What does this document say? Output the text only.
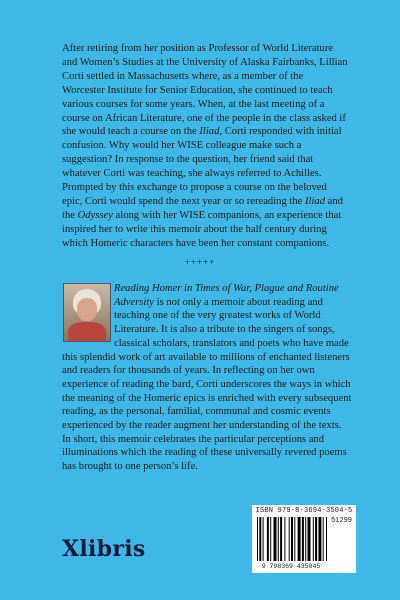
After retiring from her position as Professor of World Literature and Women’s Studies at the University of Alaska Fairbanks, Lillian Corti settled in Massachusetts where, as a member of the Worcester Institute for Senior Education, she continued to teach various courses for some years. When, at the last meeting of a course on African Literature, one of the people in the class asked if she would teach a course on the Iliad, Corti responded with initial confusion. Why would her WISE colleague make such a suggestion? In response to the question, her friend said that whatever Corti was teaching, she always referred to Achilles. Prompted by this exchange to propose a course on the beloved epic, Corti would spend the next year or so rereading the Iliad and the Odyssey along with her WISE companions, an experience that inspired her to write this memoir about the half century during which Homeric characters have been her constant companions.

+++++

Reading Homer in Times of War, Plague and Routine Adversity is not only a memoir about reading and teaching one of the very greatest works of World Literature. It is also a tribute to the singers of songs, classical scholars, translators and poets who have made this splendid work of art available to millions of enchanted listeners and readers for thousands of years. In reflecting on her own experience of reading the bard, Corti underscores the ways in which the meaning of the Homeric epics is enriched with every subsequent reading, as the personal, familial, communal and cosmic events experienced by the reader augment her understanding of the texts. In short, this memoir celebrates the particular perceptions and illuminations which the reading of these universally revered poems has brought to one person’s life.

Xlibris
ISBN 979-8-3694-3504-5
51299
9 798369 435045
